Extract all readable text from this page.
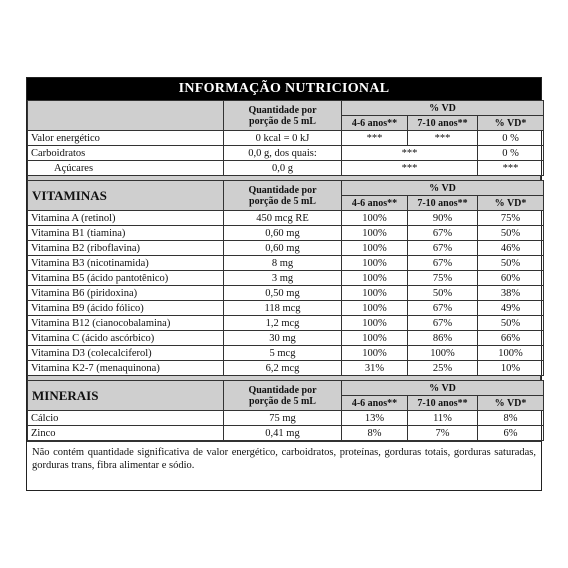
INFORMAÇÃO NUTRICIONAL

	Quantidade por
porção de 5 mL	% VD		
		4-6 anos**	7-10 anos**	% VD*
Valor energético	0 kcal = 0 kJ	***	***	0 %
Carboidratos	0,0 g, dos quais:	***		0 %
Açúcares	0,0 g	***		***
VITAMINAS	Quantidade por
porção de 5 mL	% VD		
		4-6 anos**	7-10 anos**	% VD*
Vitamina A (retinol)	450 mcg RE	100%	90%	75%
Vitamina B1 (tiamina)	0,60 mg	100%	67%	50%
Vitamina B2 (riboflavina)	0,60 mg	100%	67%	46%
Vitamina B3 (nicotinamida)	8 mg	100%	67%	50%
Vitamina B5 (ácido pantotênico)	3 mg	100%	75%	60%
Vitamina B6 (piridoxina)	0,50 mg	100%	50%	38%
Vitamina B9 (ácido fólico)	118 mcg	100%	67%	49%
Vitamina B12 (cianocobalamina)	1,2 mcg	100%	67%	50%
Vitamina C (ácido ascórbico)	30 mg	100%	86%	66%
Vitamina D3 (colecalciferol)	5 mcg	100%	100%	100%
Vitamina K2-7 (menaquinona)	6,2 mcg	31%	25%	10%
MINERAIS	Quantidade por
porção de 5 mL	% VD		
		4-6 anos**	7-10 anos**	% VD*
Cálcio	75 mg	13%	11%	8%
Zinco	0,41 mg	8%	7%	6%
Não contém quantidade significativa de valor energético, carboidratos, proteínas, gorduras totais, gorduras saturadas, gorduras trans, fibra alimentar e sódio.
